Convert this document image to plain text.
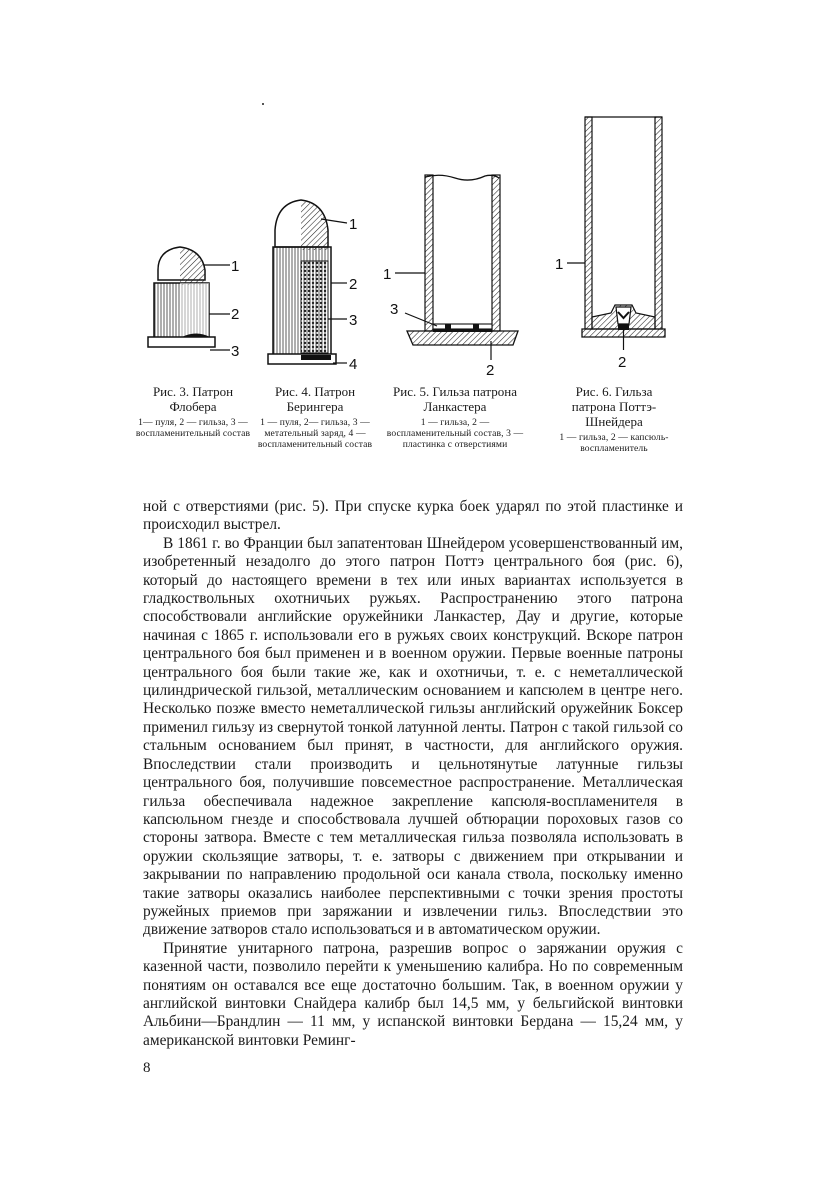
1
2
3
Рис. 3. Патрон Флобера
1— пуля, 2 — гильза, 3 — воспламенительный состав
1
2
3
4
Рис. 4. Патрон Берингера
1 — пуля, 2— гильза, 3 — метательный заряд, 4 — воспламенительный состав
1
3
2
Рис. 5. Гильза патрона Ланкастера
1 — гильза, 2 — воспламенительный состав, 3 — пластинка с отверстиями
1
2
Рис. 6. Гильза патрона Поттэ-Шнейдера
1 — гильза, 2 — капсюль-воспламенитель

ной с отверстиями (рис. 5). При спуске курка боек ударял по этой пластинке и происходил выстрел.

В 1861 г. во Франции был запатентован Шнейдером усовершенствованный им, изобретенный незадолго до этого патрон Поттэ центрального боя (рис. 6), который до настоящего времени в тех или иных вариантах используется в гладкоствольных охотничьих ружьях. Распространению этого патрона способствовали английские оружейники Ланкастер, Дау и другие, которые начиная с 1865 г. использовали его в ружьях своих конструкций. Вскоре патрон центрального боя был применен и в военном оружии. Первые военные патроны центрального боя были такие же, как и охотничьи, т. е. с неметаллической цилиндрической гильзой, металлическим основанием и капсюлем в центре него. Несколько позже вместо неметаллической гильзы английский оружейник Боксер применил гильзу из свернутой тонкой латунной ленты. Патрон с такой гильзой со стальным основанием был принят, в частности, для английского оружия. Впоследствии стали производить и цельнотянутые латунные гильзы центрального боя, получившие повсеместное распространение. Металлическая гильза обеспечивала надежное закрепление капсюля-воспламенителя в капсюльном гнезде и способствовала лучшей обтюрации пороховых газов со стороны затвора. Вместе с тем металлическая гильза позволяла использовать в оружии скользящие затворы, т. е. затворы с движением при открывании и закрывании по направлению продольной оси канала ствола, поскольку именно такие затворы оказались наиболее перспективными с точки зрения простоты ружейных приемов при заряжании и извлечении гильз. Впоследствии это движение затворов стало использоваться и в автоматическом оружии.

Принятие унитарного патрона, разрешив вопрос о заряжании оружия с казенной части, позволило перейти к уменьшению калибра. Но по современным понятиям он оставался все еще достаточно большим. Так, в военном оружии у английской винтовки Снайдера калибр был 14,5 мм, у бельгийской винтовки Альбини—Брандлин — 11 мм, у испанской винтовки Бердана — 15,24 мм, у американской винтовки Реминг-

8
